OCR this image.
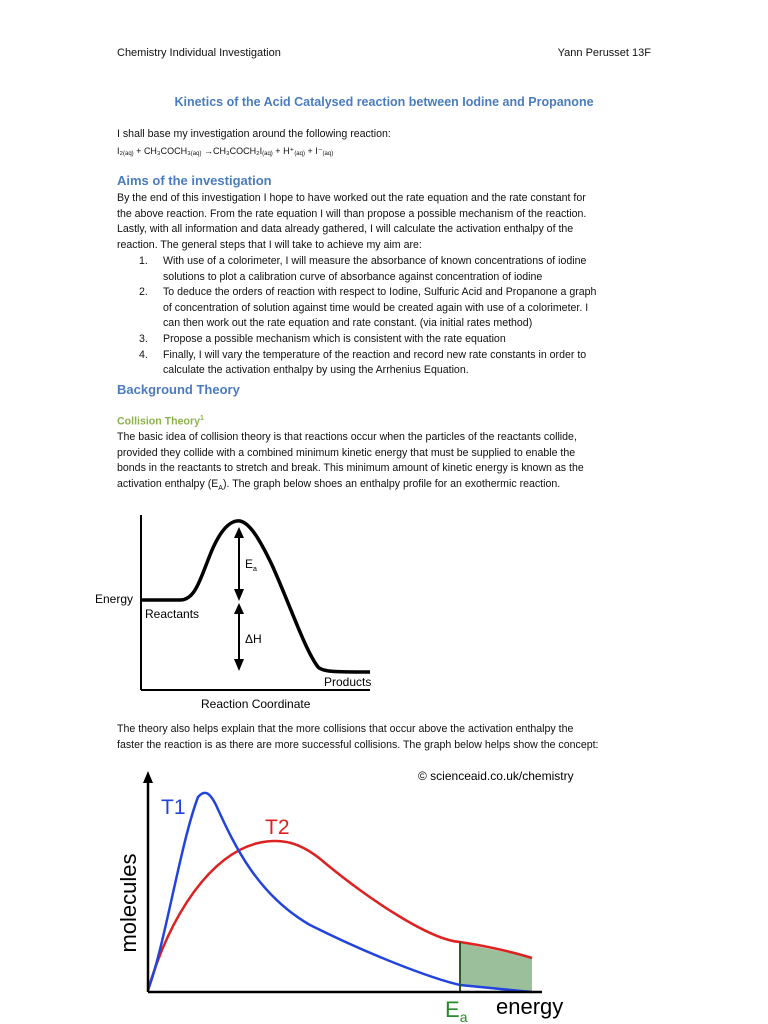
Chemistry Individual Investigation	Yann Perusset 13F
Kinetics of the Acid Catalysed reaction between Iodine and Propanone
I shall base my investigation around the following reaction:
I₂(aq) + CH₃COCH₃(aq) →CH₃COCH₂I(aq) + H⁺(aq) + I⁻(aq)
Aims of the investigation
By the end of this investigation I hope to have worked out the rate equation and the rate constant for
the above reaction. From the rate equation I will than propose a possible mechanism of the reaction.
Lastly, with all information and data already gathered, I will calculate the activation enthalpy of the
reaction. The general steps that I will take to achieve my aim are:
1. With use of a colorimeter, I will measure the absorbance of known concentrations of iodine
solutions to plot a calibration curve of absorbance against concentration of iodine
2. To deduce the orders of reaction with respect to Iodine, Sulfuric Acid and Propanone a graph
of concentration of solution against time would be created again with use of a colorimeter. I
can then work out the rate equation and rate constant. (via initial rates method)
3. Propose a possible mechanism which is consistent with the rate equation
4. Finally, I will vary the temperature of the reaction and record new rate constants in order to
calculate the activation enthalpy by using the Arrhenius Equation.
Background Theory
Collision Theory$^1$
The basic idea of collision theory is that reactions occur when the particles of the reactants collide,
provided they collide with a combined minimum kinetic energy that must be supplied to enable the
bonds in the reactants to stretch and break. This minimum amount of kinetic energy is known as the
activation enthalpy $(E_A)$. The graph below shoes an enthalpy profile for an exothermic reaction.
Energy
Reactants
Products
Reaction Coordinate
$E_a$
ΔH
The theory also helps explain that the more collisions that occur above the activation enthalpy the
faster the reaction is as there are more successful collisions. The graph below helps show the concept:
© scienceaid.co.uk/chemistry
T1
T2
molecules
$E_a$ energy
